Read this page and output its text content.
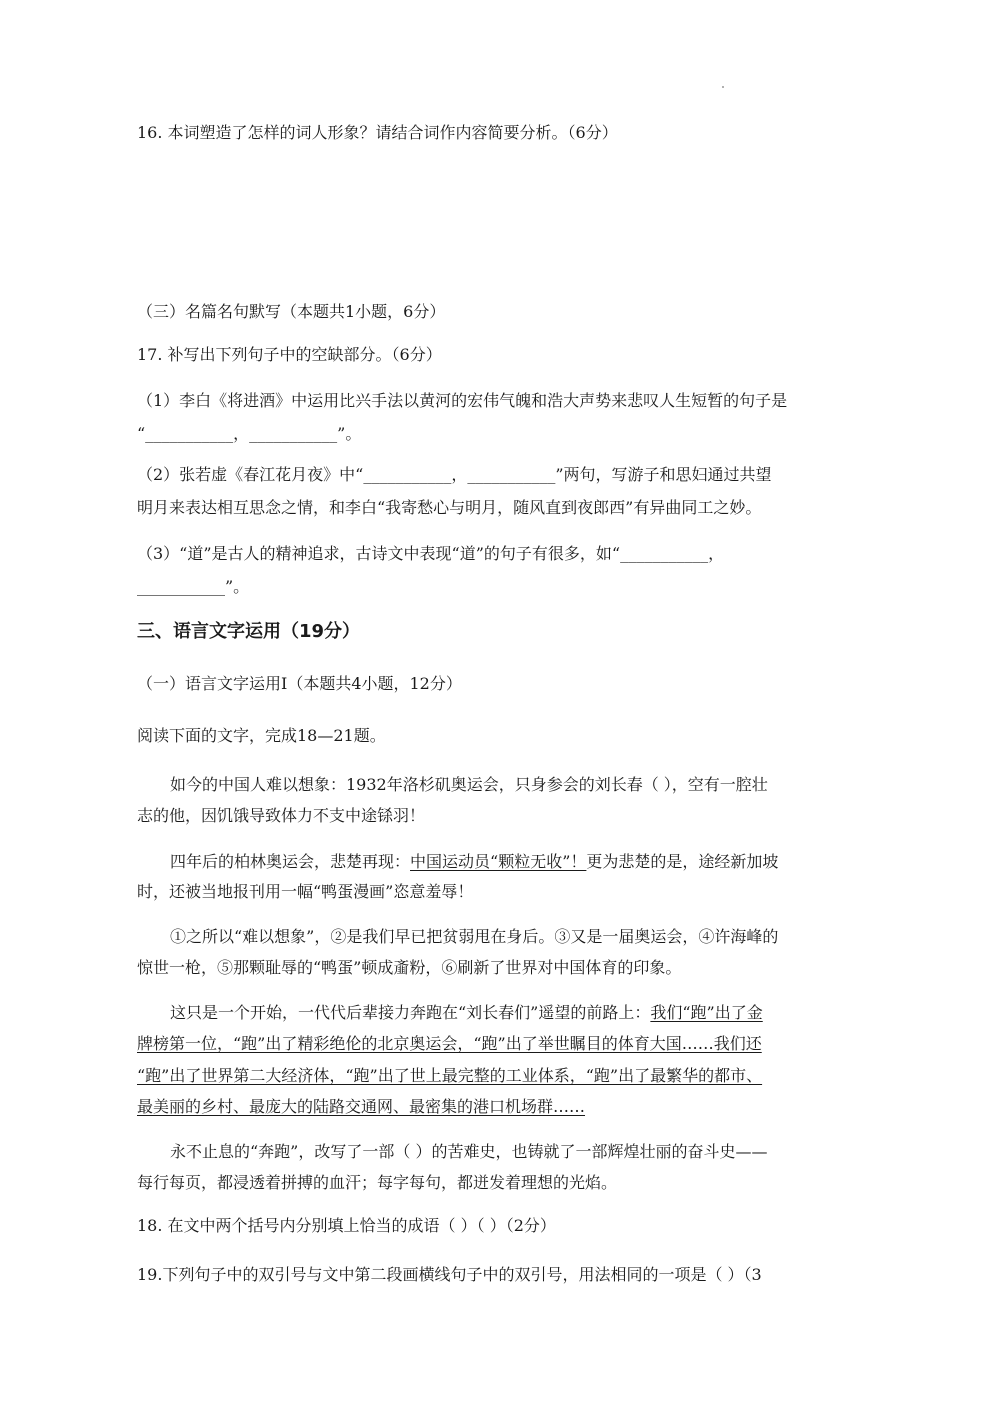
16. 本词塑造了怎样的词人形象？请结合词作内容简要分析。（6分）
（三）名篇名句默写（本题共1小题，6分）
17. 补写出下列句子中的空缺部分。（6分）
（1）李白《将进酒》中运用比兴手法以黄河的宏伟气魄和浩大声势来悲叹人生短暂的句子是
“___________，___________”。
（2）张若虚《春江花月夜》中“___________，___________”两句，写游子和思妇通过共望
明月来表达相互思念之情，和李白“我寄愁心与明月，随风直到夜郎西”有异曲同工之妙。
（3）“道”是古人的精神追求，古诗文中表现“道”的句子有很多，如“___________，
___________”。
三、语言文字运用（19分）
（一）语言文字运用Ⅰ（本题共4小题，12分）
阅读下面的文字，完成18—21题。
如今的中国人难以想象：1932年洛杉矶奥运会，只身参会的刘长春（ ），空有一腔壮
志的他，因饥饿导致体力不支中途铩羽！
四年后的柏林奥运会，悲楚再现：中国运动员“颗粒无收”！更为悲楚的是，途经新加坡
时，还被当地报刊用一幅“鸭蛋漫画”恣意羞辱！
①之所以“难以想象”，②是我们早已把贫弱甩在身后。③又是一届奥运会，④许海峰的
惊世一枪，⑤那颗耻辱的“鸭蛋”顿成齑粉，⑥刷新了世界对中国体育的印象。
这只是一个开始，一代代后辈接力奔跑在“刘长春们”遥望的前路上：我们“跑”出了金
牌榜第一位，“跑”出了精彩绝伦的北京奥运会，“跑”出了举世瞩目的体育大国……我们还
“跑”出了世界第二大经济体，“跑”出了世上最完整的工业体系，“跑”出了最繁华的都市、
最美丽的乡村、最庞大的陆路交通网、最密集的港口机场群……
永不止息的“奔跑”，改写了一部（ ）的苦难史，也铸就了一部辉煌壮丽的奋斗史——
每行每页，都浸透着拼搏的血汗；每字每句，都迸发着理想的光焰。
18. 在文中两个括号内分别填上恰当的成语（ ）（ ）（2分）
19.下列句子中的双引号与文中第二段画横线句子中的双引号，用法相同的一项是（ ）（3
